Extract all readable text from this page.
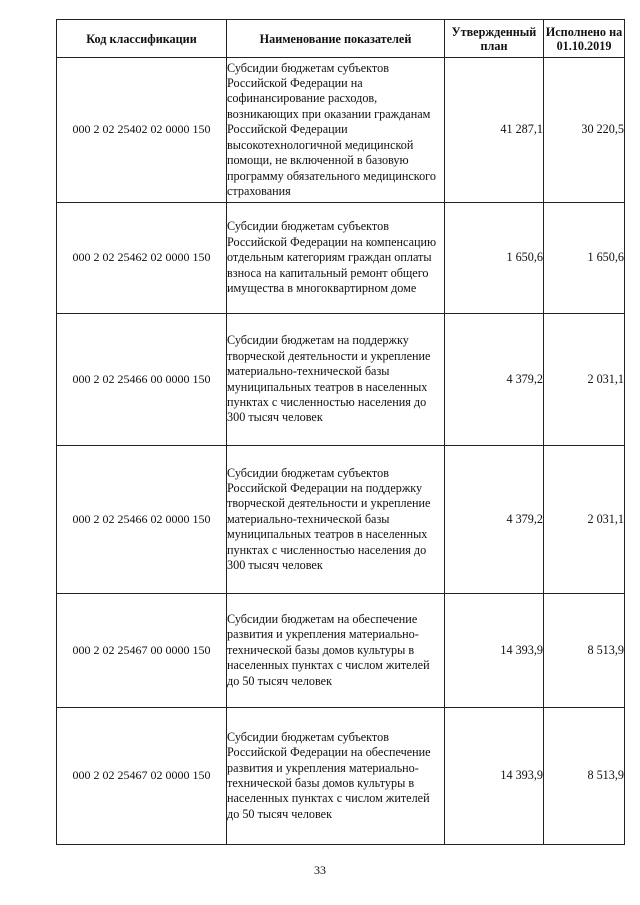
Код классификации	Наименование показателей	Утвержденный план	Исполнено на 01.10.2019
000 2 02 25402 02 0000 150	Субсидии бюджетам субъектов Российской Федерации на софинансирование расходов, возникающих при оказании гражданам Российской Федерации высокотехнологичной медицинской помощи, не включенной в базовую программу обязательного медицинского страхования	41 287,1	30 220,5
000 2 02 25462 02 0000 150	Субсидии бюджетам субъектов Российской Федерации на компенсацию отдельным категориям граждан оплаты взноса на капитальный ремонт общего имущества в многоквартирном доме	1 650,6	1 650,6
000 2 02 25466 00 0000 150	Субсидии бюджетам на поддержку творческой деятельности и укрепление материально-технической базы муниципальных театров в населенных пунктах с численностью населения до 300 тысяч человек	4 379,2	2 031,1
000 2 02 25466 02 0000 150	Субсидии бюджетам субъектов Российской Федерации на поддержку творческой деятельности и укрепление материально-технической базы муниципальных театров в населенных пунктах с численностью населения до 300 тысяч человек	4 379,2	2 031,1
000 2 02 25467 00 0000 150	Субсидии бюджетам на обеспечение развития и укрепления материально-технической базы домов культуры в населенных пунктах с числом жителей до 50 тысяч человек	14 393,9	8 513,9
000 2 02 25467 02 0000 150	Субсидии бюджетам субъектов Российской Федерации на обеспечение развития и укрепления материально-технической базы домов культуры в населенных пунктах с числом жителей до 50 тысяч человек	14 393,9	8 513,9
33
